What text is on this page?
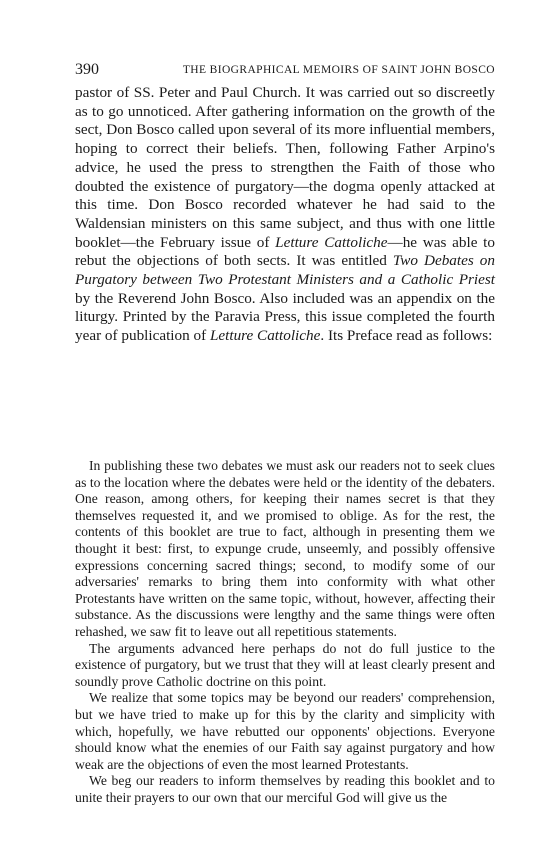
390	THE BIOGRAPHICAL MEMOIRS OF SAINT JOHN BOSCO

pastor of SS. Peter and Paul Church. It was carried out so discreetly as to go unnoticed. After gathering information on the growth of the sect, Don Bosco called upon several of its more influential members, hoping to correct their beliefs. Then, following Father Arpino's advice, he used the press to strengthen the Faith of those who doubted the existence of purgatory—the dogma openly attacked at this time. Don Bosco recorded whatever he had said to the Waldensian ministers on this same subject, and thus with one little booklet—the February issue of Letture Cattoliche—he was able to rebut the objections of both sects. It was entitled Two Debates on Purgatory between Two Protestant Ministers and a Catholic Priest by the Reverend John Bosco. Also included was an appendix on the liturgy. Printed by the Paravia Press, this issue completed the fourth year of publication of Letture Cattoliche. Its Preface read as follows:

In publishing these two debates we must ask our readers not to seek clues as to the location where the debates were held or the identity of the debaters. One reason, among others, for keeping their names secret is that they themselves requested it, and we promised to oblige. As for the rest, the contents of this booklet are true to fact, although in presenting them we thought it best: first, to expunge crude, unseemly, and possibly offensive expressions concerning sacred things; second, to modify some of our adversaries' remarks to bring them into conformity with what other Protestants have written on the same topic, without, however, affecting their substance. As the discussions were lengthy and the same things were often rehashed, we saw fit to leave out all repetitious statements.

The arguments advanced here perhaps do not do full justice to the existence of purgatory, but we trust that they will at least clearly present and soundly prove Catholic doctrine on this point.

We realize that some topics may be beyond our readers' comprehension, but we have tried to make up for this by the clarity and simplicity with which, hopefully, we have rebutted our opponents' objections. Everyone should know what the enemies of our Faith say against purgatory and how weak are the objections of even the most learned Protestants.

We beg our readers to inform themselves by reading this booklet and to unite their prayers to our own that our merciful God will give us the
